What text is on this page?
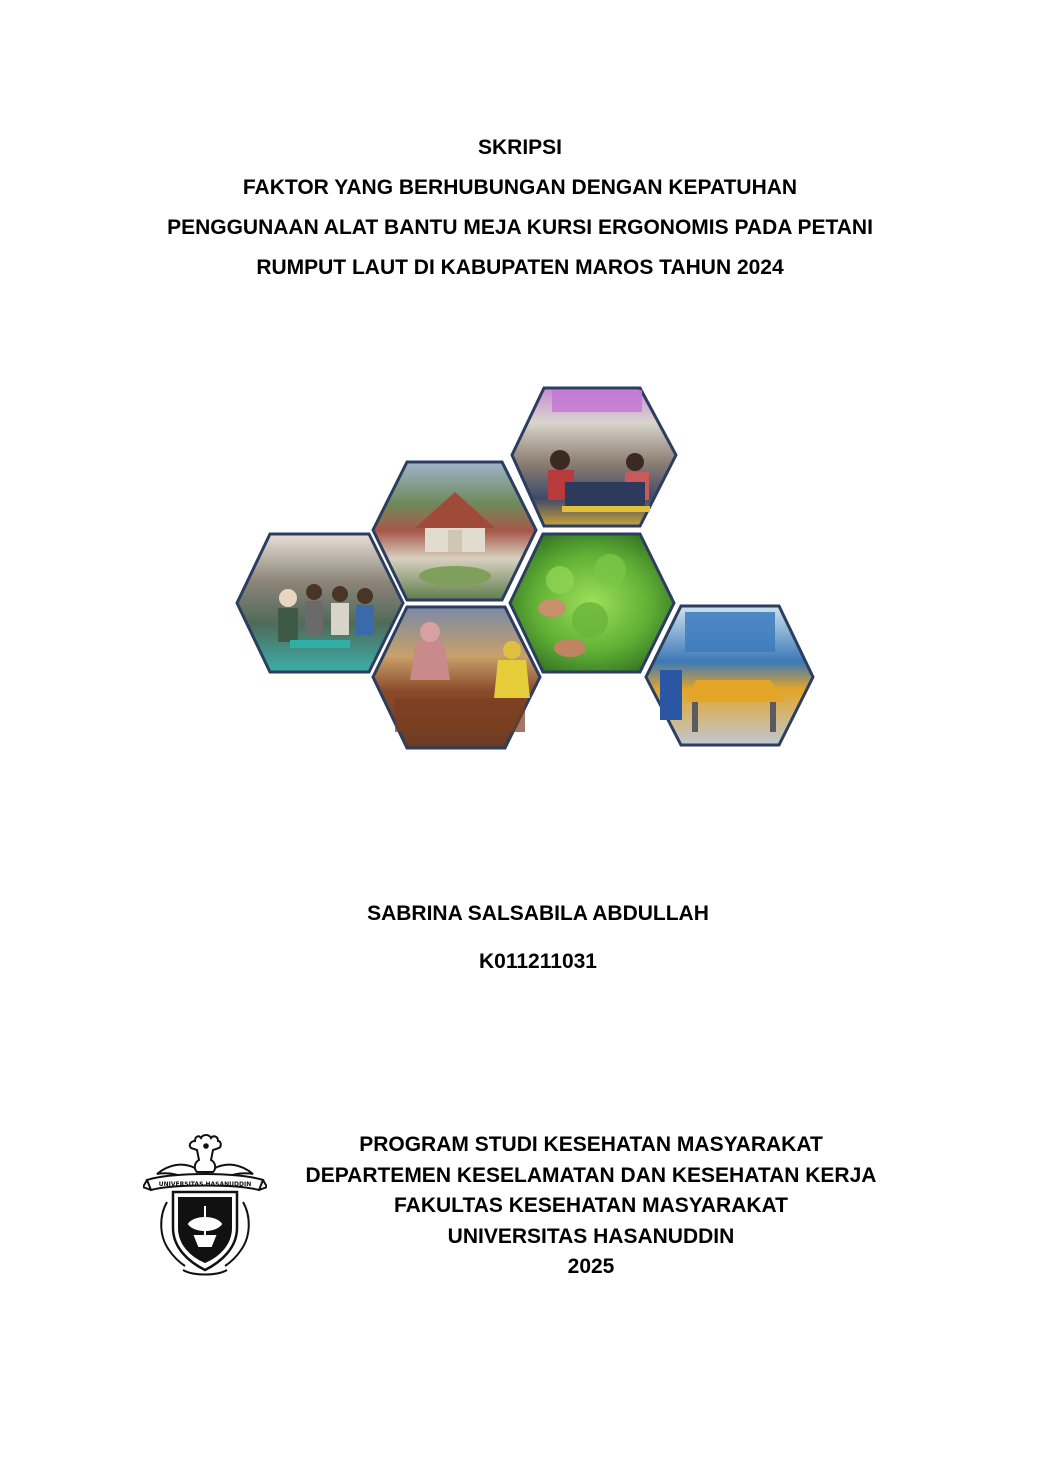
SKRIPSI
FAKTOR YANG BERHUBUNGAN DENGAN KEPATUHAN
PENGGUNAAN ALAT BANTU MEJA KURSI ERGONOMIS PADA PETANI
RUMPUT LAUT DI KABUPATEN MAROS TAHUN 2024
SABRINA SALSABILA ABDULLAH
K011211031
UNIVERSITAS HASANUDDIN
PROGRAM STUDI KESEHATAN MASYARAKAT
DEPARTEMEN KESELAMATAN DAN KESEHATAN KERJA
FAKULTAS KESEHATAN MASYARAKAT
UNIVERSITAS HASANUDDIN
2025
